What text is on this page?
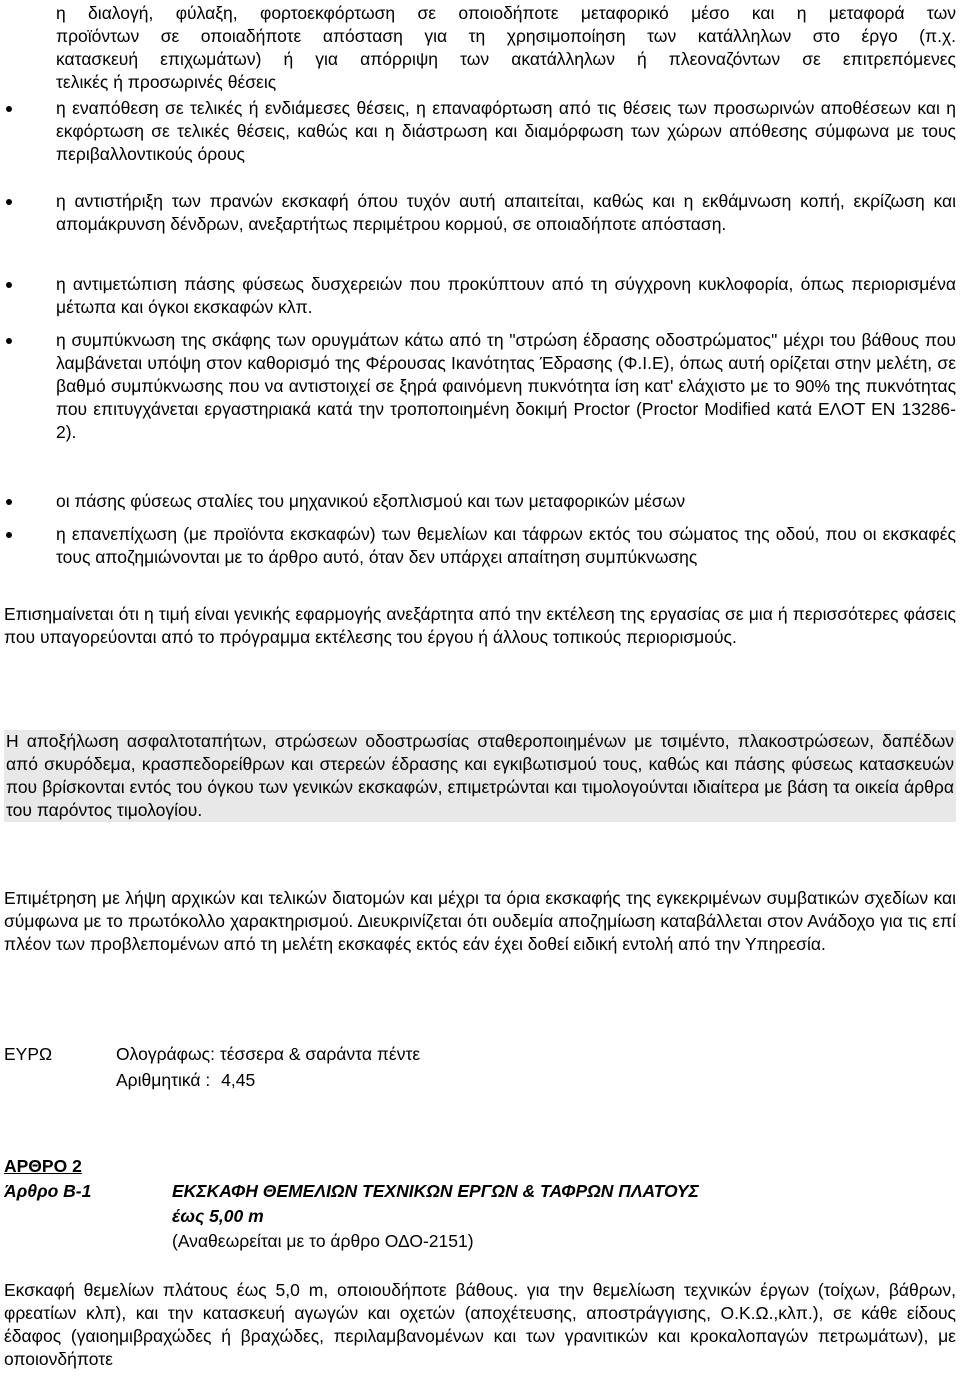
η διαλογή, φύλαξη, φορτοεκφόρτωση σε οποιοδήποτε μεταφορικό μέσο και η μεταφορά των
προϊόντων σε οποιαδήποτε απόσταση για τη χρησιμοποίηση των κατάλληλων στο έργο (π.χ.
κατασκευή επιχωμάτων) ή για απόρριψη των ακατάλληλων ή πλεοναζόντων σε επιτρεπόμενες
τελικές ή προσωρινές θέσεις
η εναπόθεση σε τελικές ή ενδιάμεσες θέσεις, η επαναφόρτωση από τις θέσεις των προσωρινών αποθέσεων και η εκφόρτωση σε τελικές θέσεις, καθώς και η διάστρωση και διαμόρφωση των χώρων απόθεσης σύμφωνα με τους περιβαλλοντικούς όρους
η αντιστήριξη των πρανών εκσκαφή όπου τυχόν αυτή απαιτείται, καθώς και η εκθάμνωση κοπή, εκρίζωση και απομάκρυνση δένδρων, ανεξαρτήτως περιμέτρου κορμού, σε οποιαδήποτε απόσταση.
η αντιμετώπιση πάσης φύσεως δυσχερειών που προκύπτουν από τη σύγχρονη κυκλοφορία, όπως περιορισμένα μέτωπα και όγκοι εκσκαφών κλπ.
η συμπύκνωση της σκάφης των ορυγμάτων κάτω από τη "στρώση έδρασης οδοστρώματος" μέχρι του βάθους που λαμβάνεται υπόψη στον καθορισμό της Φέρουσας Ικανότητας Έδρασης (Φ.Ι.Ε), όπως αυτή ορίζεται στην μελέτη, σε βαθμό συμπύκνωσης που να αντιστοιχεί σε ξηρά φαινόμενη πυκνότητα ίση κατ' ελάχιστο με το 90% της πυκνότητας που επιτυγχάνεται εργαστηριακά κατά την τροποποιημένη δοκιμή Proctor (Proctor Modified κατά ΕΛΟΤ ΕΝ 13286-2).
οι πάσης φύσεως σταλίες του μηχανικού εξοπλισμού και των μεταφορικών μέσων
η επανεπίχωση (με προϊόντα εκσκαφών) των θεμελίων και τάφρων εκτός του σώματος της οδού, που οι εκσκαφές τους αποζημιώνονται με το άρθρο αυτό, όταν δεν υπάρχει απαίτηση συμπύκνωσης
Επισημαίνεται ότι η τιμή είναι γενικής εφαρμογής ανεξάρτητα από την εκτέλεση της εργασίας σε μια ή περισσότερες φάσεις που υπαγορεύονται από το πρόγραμμα εκτέλεσης του έργου ή άλλους τοπικούς περιορισμούς.
Η αποξήλωση ασφαλτοταπήτων, στρώσεων οδοστρωσίας σταθεροποιημένων με τσιμέντο, πλακοστρώσεων, δαπέδων από σκυρόδεμα, κρασπεδορείθρων και στερεών έδρασης και εγκιβωτισμού τους, καθώς και πάσης φύσεως κατασκευών που βρίσκονται εντός του όγκου των γενικών εκσκαφών, επιμετρώνται και τιμολογούνται ιδιαίτερα με βάση τα οικεία άρθρα του παρόντος τιμολογίου.
Επιμέτρηση με λήψη αρχικών και τελικών διατομών και μέχρι τα όρια εκσκαφής της εγκεκριμένων συμβατικών σχεδίων και σύμφωνα με το πρωτόκολλο χαρακτηρισμού. Διευκρινίζεται ότι ουδεμία αποζημίωση καταβάλλεται στον Ανάδοχο για τις επί πλέον των προβλεπομένων από τη μελέτη εκσκαφές εκτός εάν έχει δοθεί ειδική εντολή από την Υπηρεσία.
ΕΥΡΩ	Ολογράφως: τέσσερα & σαράντα πέντε
Αριθμητικά : 4,45
ΑΡΘΡΟ 2
Άρθρο Β-1	ΕΚΣΚΑΦΗ ΘΕΜΕΛΙΩΝ ΤΕΧΝΙΚΩΝ ΕΡΓΩΝ & ΤΑΦΡΩΝ ΠΛΑΤΟΥΣ
έως 5,00 m
(Αναθεωρείται με το άρθρο ΟΔΟ-2151)
Εκσκαφή θεμελίων πλάτους έως 5,0 m, οποιουδήποτε βάθους. για την θεμελίωση τεχνικών έργων (τοίχων, βάθρων, φρεατίων κλπ), και την κατασκευή αγωγών και οχετών (αποχέτευσης, αποστράγγισης, Ο.Κ.Ω.,κλπ.), σε κάθε είδους έδαφος (γαιοημιβραχώδες ή βραχώδες, περιλαμβανομένων και των γρανιτικών και κροκαλοπαγών πετρωμάτων), με οποιονδήποτε
